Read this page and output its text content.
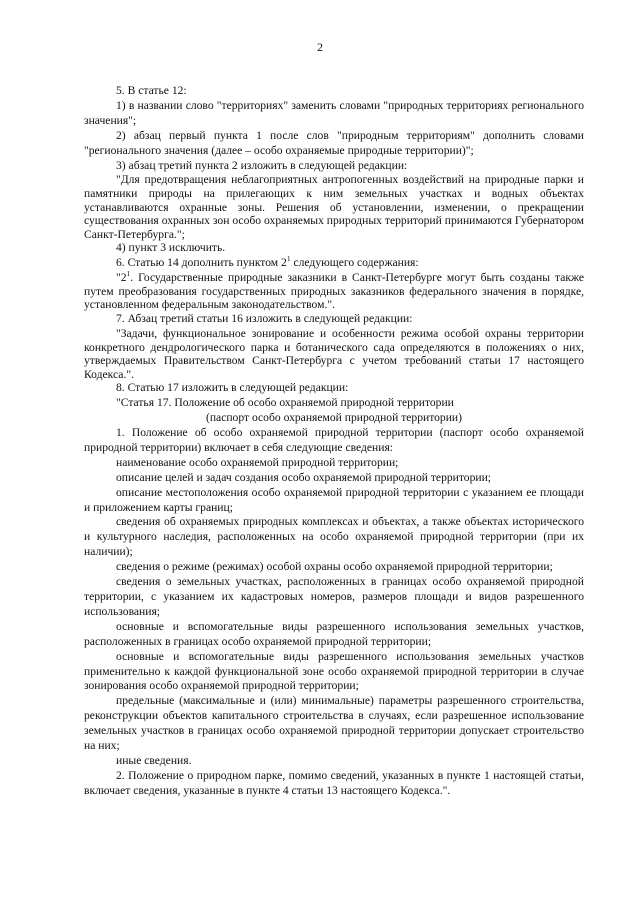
2

5. В статье 12:

1) в названии слово "территориях" заменить словами "природных территориях регионального значения";

2) абзац первый пункта 1 после слов "природным территориям" дополнить словами "регионального значения (далее – особо охраняемые природные территории)";

3) абзац третий пункта 2 изложить в следующей редакции:

"Для предотвращения неблагоприятных антропогенных воздействий на природные парки и памятники природы на прилегающих к ним земельных участках и водных объектах устанавливаются охранные зоны. Решения об установлении, изменении, о прекращении существования охранных зон особо охраняемых природных территорий принимаются Губернатором Санкт-Петербурга.";

4) пункт 3 исключить.

6. Статью 14 дополнить пунктом $2^1$ следующего содержания:

"$2^1$. Государственные природные заказники в Санкт-Петербурге могут быть созданы также путем преобразования государственных природных заказников федерального значения в порядке, установленном федеральным законодательством.".

7. Абзац третий статьи 16 изложить в следующей редакции:

"Задачи, функциональное зонирование и особенности режима особой охраны территории конкретного дендрологического парка и ботанического сада определяются в положениях о них, утверждаемых Правительством Санкт-Петербурга с учетом требований статьи 17 настоящего Кодекса.".

8. Статью 17 изложить в следующей редакции:

"Статья 17. Положение об особо охраняемой природной территории

(паспорт особо охраняемой природной территории)

1. Положение об особо охраняемой природной территории (паспорт особо охраняемой природной территории) включает в себя следующие сведения:

наименование особо охраняемой природной территории;

описание целей и задач создания особо охраняемой природной территории;

описание местоположения особо охраняемой природной территории с указанием ее площади и приложением карты границ;

сведения об охраняемых природных комплексах и объектах, а также объектах исторического и культурного наследия, расположенных на особо охраняемой природной территории (при их наличии);

сведения о режиме (режимах) особой охраны особо охраняемой природной территории;

сведения о земельных участках, расположенных в границах особо охраняемой природной территории, с указанием их кадастровых номеров, размеров площади и видов разрешенного использования;

основные и вспомогательные виды разрешенного использования земельных участков, расположенных в границах особо охраняемой природной территории;

основные и вспомогательные виды разрешенного использования земельных участков применительно к каждой функциональной зоне особо охраняемой природной территории в случае зонирования особо охраняемой природной территории;

предельные (максимальные и (или) минимальные) параметры разрешенного строительства, реконструкции объектов капитального строительства в случаях, если разрешенное использование земельных участков в границах особо охраняемой природной территории допускает строительство на них;

иные сведения.

2. Положение о природном парке, помимо сведений, указанных в пункте 1 настоящей статьи, включает сведения, указанные в пункте 4 статьи 13 настоящего Кодекса.".
